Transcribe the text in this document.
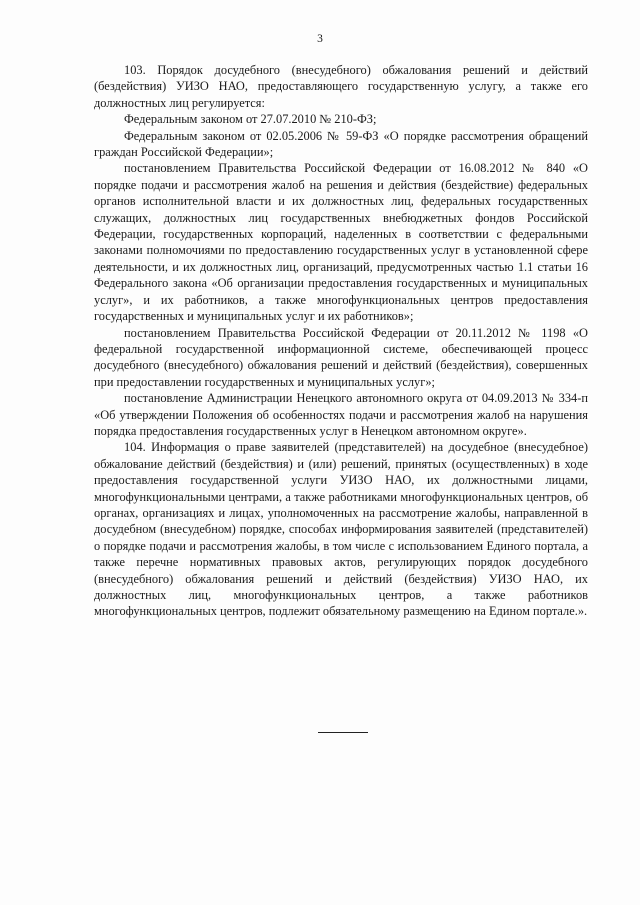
3

103. Порядок досудебного (внесудебного) обжалования решений и действий (бездействия) УИЗО НАО, предоставляющего государственную услугу, а также его должностных лиц регулируется:

Федеральным законом от 27.07.2010 № 210-ФЗ;

Федеральным законом от 02.05.2006 № 59-ФЗ «О порядке рассмотрения обращений граждан Российской Федерации»;

постановлением Правительства Российской Федерации от 16.08.2012 № 840 «О порядке подачи и рассмотрения жалоб на решения и действия (бездействие) федеральных органов исполнительной власти и их должностных лиц, федеральных государственных служащих, должностных лиц государственных внебюджетных фондов Российской Федерации, государственных корпораций, наделенных в соответствии с федеральными законами полномочиями по предоставлению государственных услуг в установленной сфере деятельности, и их должностных лиц, организаций, предусмотренных частью 1.1 статьи 16 Федерального закона «Об организации предоставления государственных и муниципальных услуг», и их работников, а также многофункциональных центров предоставления государственных и муниципальных услуг и их работников»;

постановлением Правительства Российской Федерации от 20.11.2012 № 1198 «О федеральной государственной информационной системе, обеспечивающей процесс досудебного (внесудебного) обжалования решений и действий (бездействия), совершенных при предоставлении государственных и муниципальных услуг»;

постановление Администрации Ненецкого автономного округа от 04.09.2013 № 334-п «Об утверждении Положения об особенностях подачи и рассмотрения жалоб на нарушения порядка предоставления государственных услуг в Ненецком автономном округе».

104. Информация о праве заявителей (представителей) на досудебное (внесудебное) обжалование действий (бездействия) и (или) решений, принятых (осуществленных) в ходе предоставления государственной услуги УИЗО НАО, их должностными лицами, многофункциональными центрами, а также работниками многофункциональных центров, об органах, организациях и лицах, уполномоченных на рассмотрение жалобы, направленной в досудебном (внесудебном) порядке, способах информирования заявителей (представителей) о порядке подачи и рассмотрения жалобы, в том числе с использованием Единого портала, а также перечне нормативных правовых актов, регулирующих порядок досудебного (внесудебного) обжалования решений и действий (бездействия) УИЗО НАО, их должностных лиц, многофункциональных центров, а также работников многофункциональных центров, подлежит обязательному размещению на Едином портале.».
